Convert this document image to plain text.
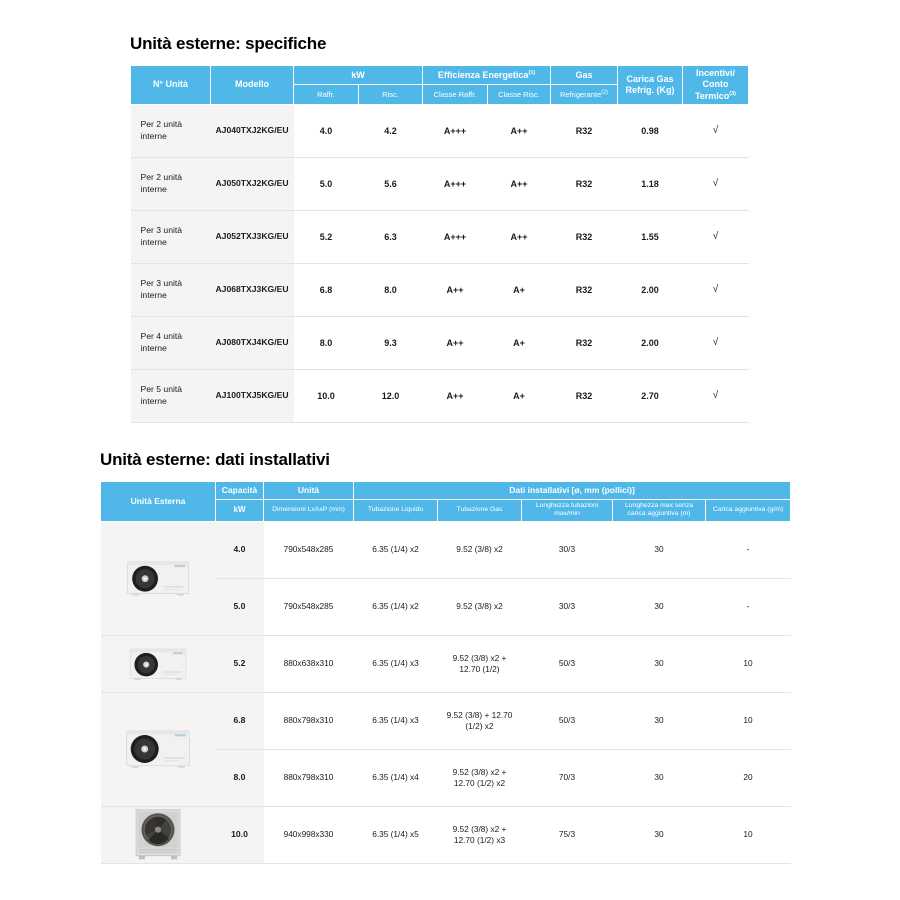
Unità esterne: specifiche
N° Unità	Modello	kW		Efficienza Energetica$^{(1)}$		Gas	Carica Gas Refrig. (Kg)	Incentivi/
Conto Termico$^{(3)}$
		Raffr.	Risc.	Classe Raffr.	Classe Risc.	Refrigerante$^{(2)}$
Per 2 unità interne	AJ040TXJ2KG/EU	4.0	4.2	A+++	A++	R32	0.98	√
Per 2 unità interne	AJ050TXJ2KG/EU	5.0	5.6	A+++	A++	R32	1.18	√
Per 3 unità interne	AJ052TXJ3KG/EU	5.2	6.3	A+++	A++	R32	1.55	√
Per 3 unità interne	AJ068TXJ3KG/EU	6.8	8.0	A++	A+	R32	2.00	√
Per 4 unità interne	AJ080TXJ4KG/EU	8.0	9.3	A++	A+	R32	2.00	√
Per 5 unità interne	AJ100TXJ5KG/EU	10.0	12.0	A++	A+	R32	2.70	√
Unità esterne: dati installativi
Unità Esterna	Capacità	Unità	Dati installativi [ø, mm (pollici)]				
	kW	Dimensioni LxAxP (mm)	Tubazione Liquido	Tubazione Gas	Lunghezza tubazioni max/min	Lunghezza max senza carica aggiuntiva (m)	Carica aggiuntiva (g/m)

	4.0	790x548x285	6.35 (1/4) x2	9.52 (3/8) x2	30/3	30	-
	5.0	790x548x285	6.35 (1/4) x2	9.52 (3/8) x2	30/3	30	-

	5.2	880x638x310	6.35 (1/4) x3	9.52 (3/8) x2 + 12.70 (1/2)	50/3	30	10

	6.8	880x798x310	6.35 (1/4) x3	9.52 (3/8) + 12.70 (1/2) x2	50/3	30	10
	8.0	880x798x310	6.35 (1/4) x4	9.52 (3/8) x2 + 12.70 (1/2) x2	70/3	30	20

	10.0	940x998x330	6.35 (1/4) x5	9.52 (3/8) x2 + 12.70 (1/2) x3	75/3	30	10
